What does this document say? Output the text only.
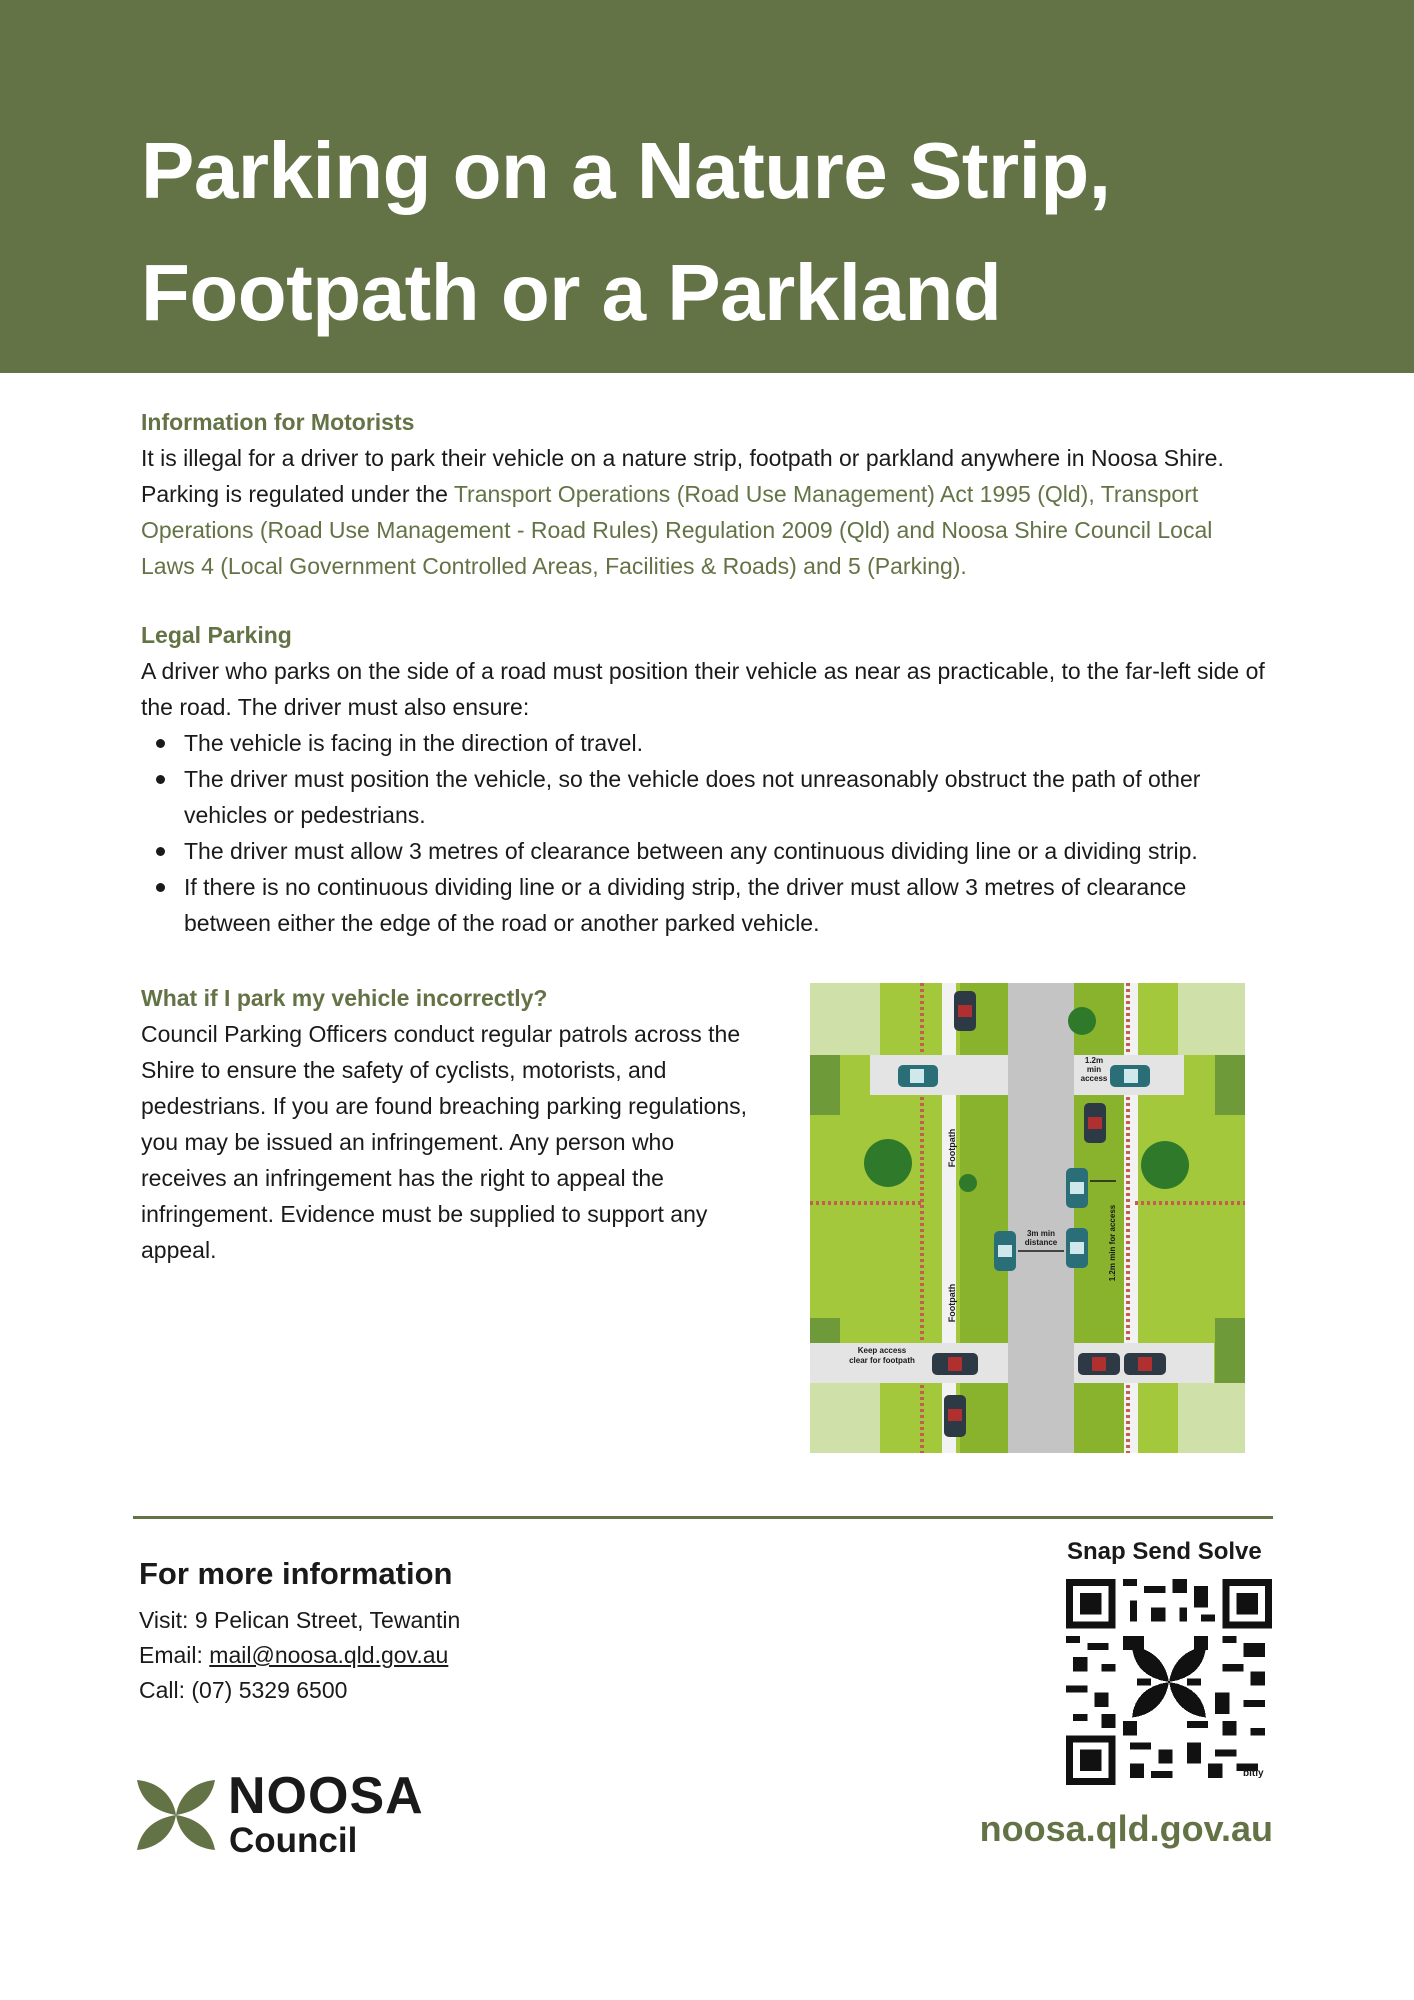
Parking on a Nature Strip,
Footpath or a Parkland

Information for Motorists

It is illegal for a driver to park their vehicle on a nature strip, footpath or parkland anywhere in Noosa Shire. Parking is regulated under the Transport Operations (Road Use Management) Act 1995 (Qld), Transport Operations (Road Use Management - Road Rules) Regulation 2009 (Qld) and Noosa Shire Council Local Laws 4 (Local Government Controlled Areas, Facilities & Roads) and 5 (Parking).

Legal Parking

A driver who parks on the side of a road must position their vehicle as near as practicable, to the far-left side of the road. The driver must also ensure:

The vehicle is facing in the direction of travel.
The driver must position the vehicle, so the vehicle does not unreasonably obstruct the path of other vehicles or pedestrians.
The driver must allow 3 metres of clearance between any continuous dividing line or a dividing strip.
If there is no continuous dividing line or a dividing strip, the driver must allow 3 metres of clearance between either the edge of the road or another parked vehicle.

What if I park my vehicle incorrectly?

Council Parking Officers conduct regular patrols across the Shire to ensure the safety of cyclists, motorists, and pedestrians. If you are found breaching parking regulations, you may be issued an infringement. Any person who receives an infringement has the right to appeal the infringement. Evidence must be supplied to support any appeal.

Footpath
Footpath
1.2m
min
access
3m min
distance	1.2m min for access
Keep access
clear for footpath
For more information
Visit: 9 Pelican Street, Tewantin
Email: mail@noosa.qld.gov.au
Call: (07) 5329 6500
NOOSA
Council
Snap Send Solve
bitly
noosa.qld.gov.au
